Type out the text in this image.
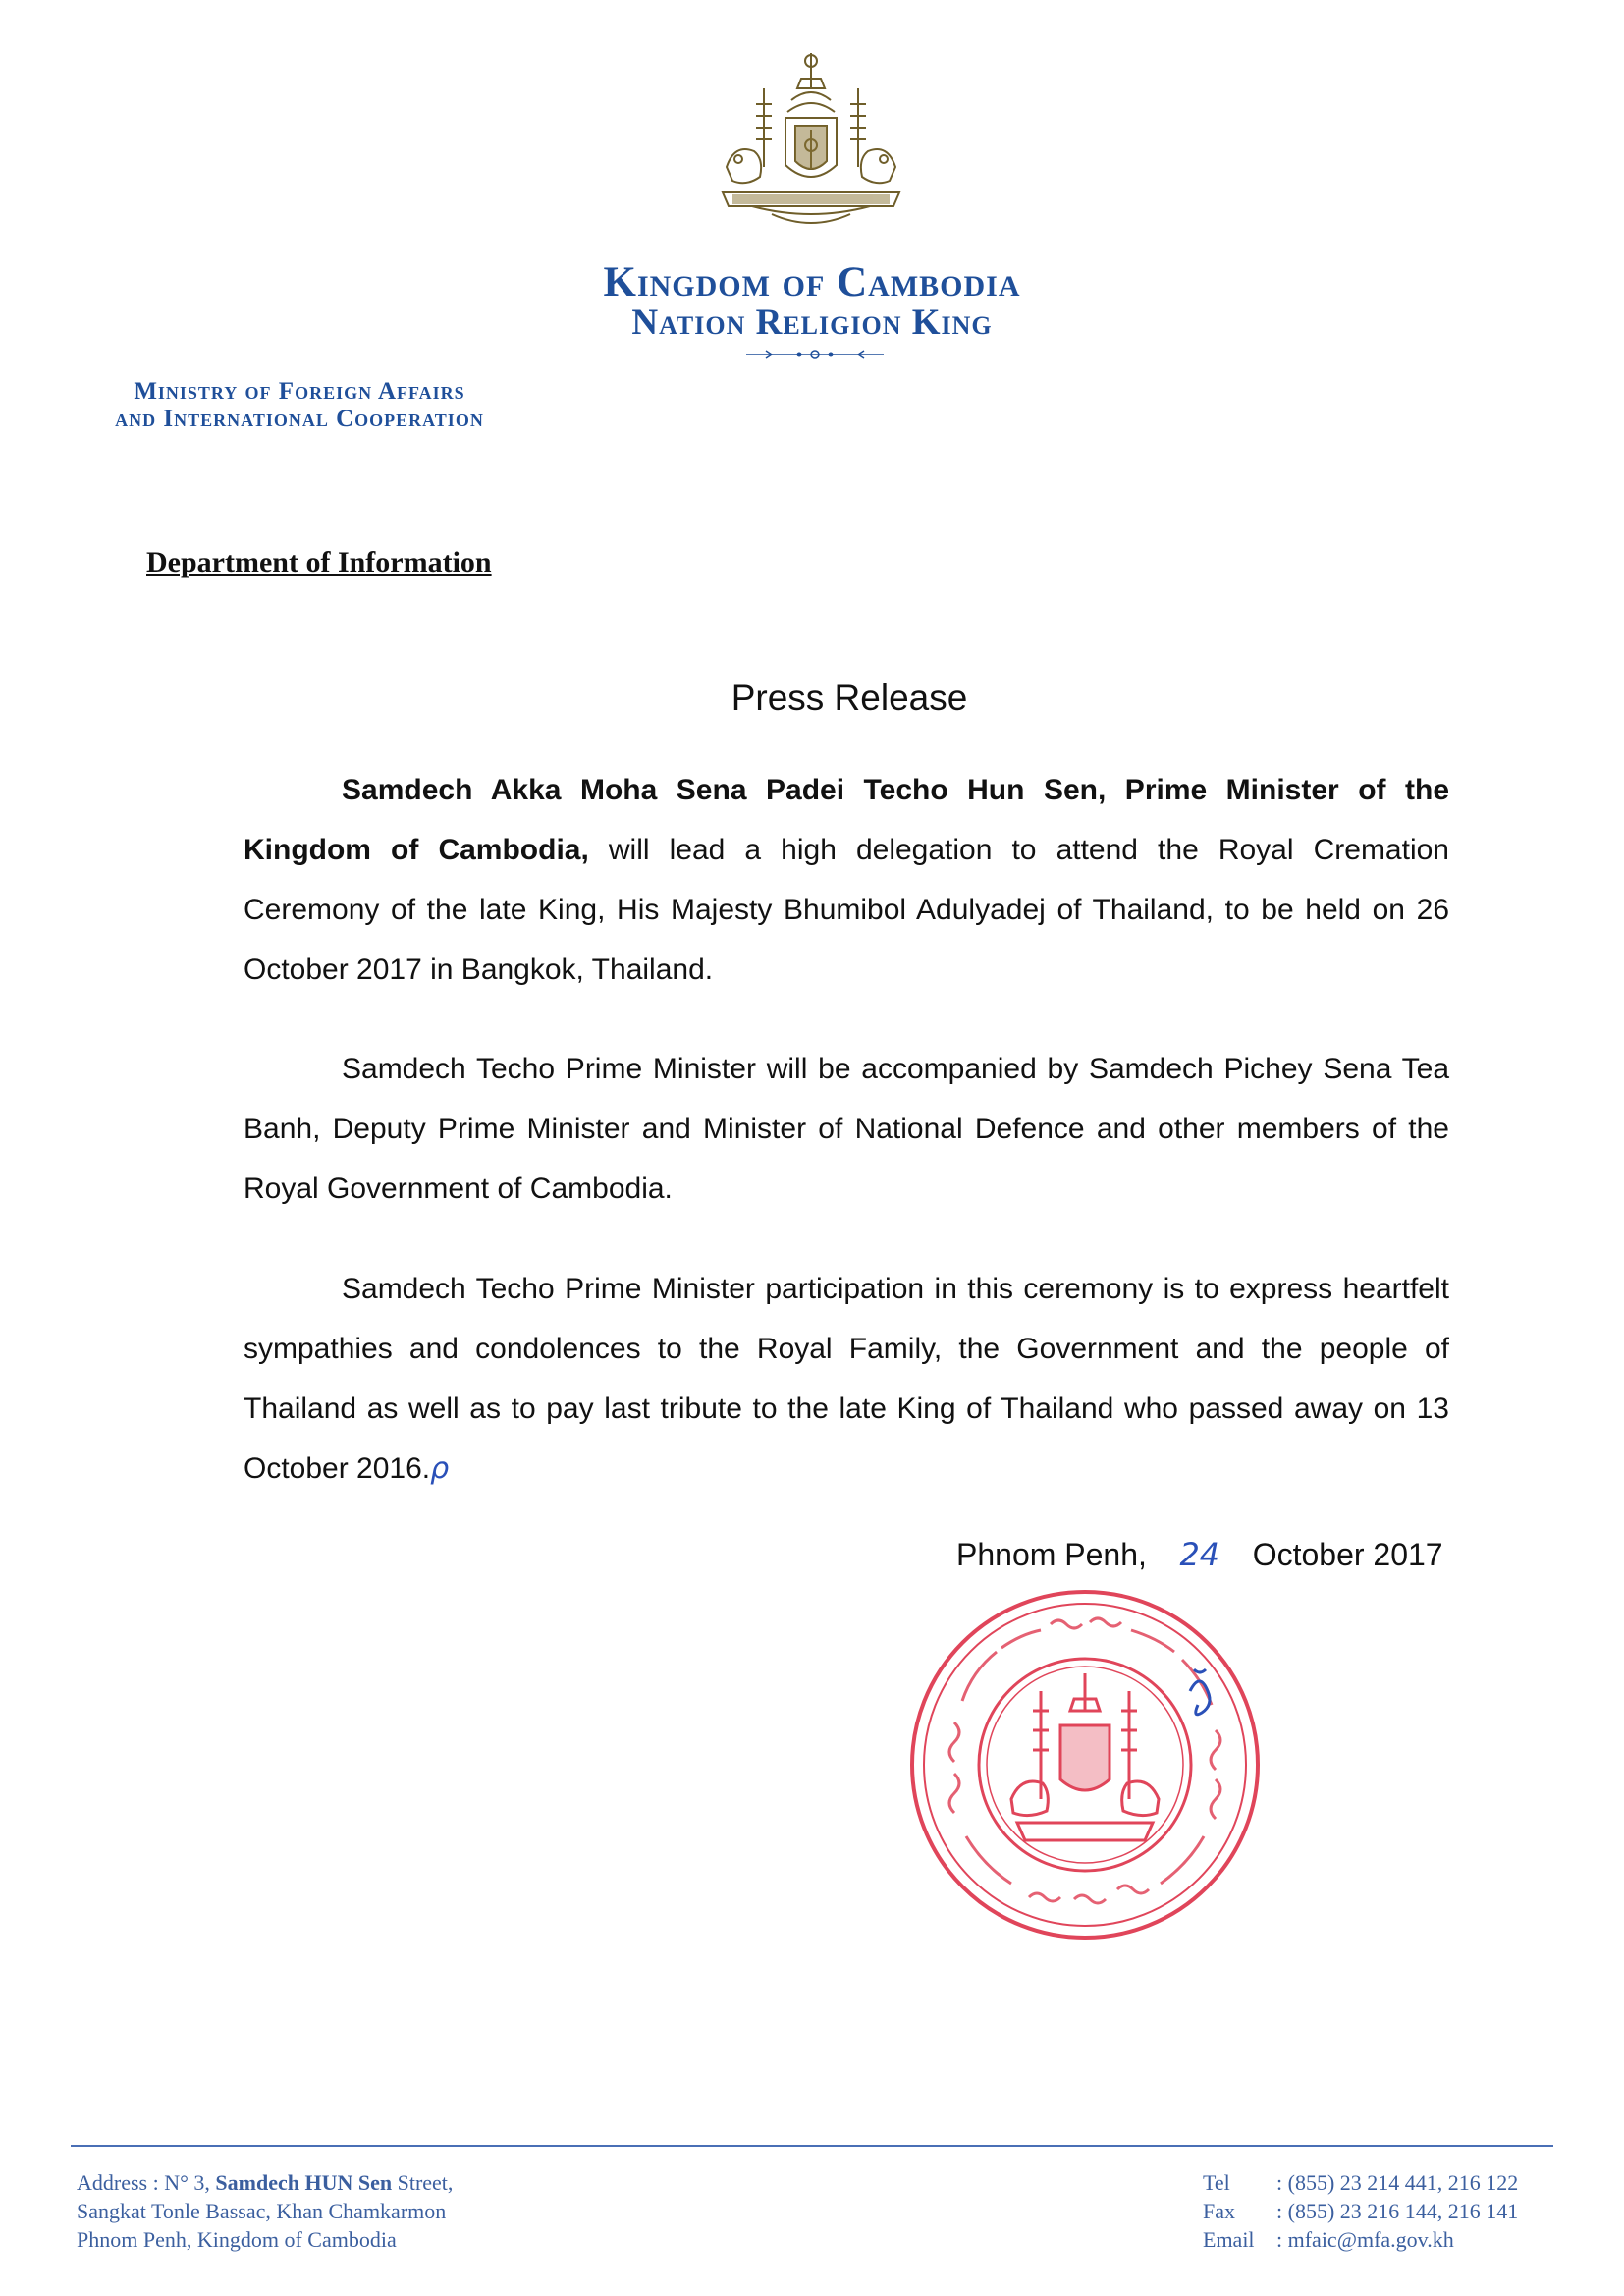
Kingdom of Cambodia
Nation Religion King
Ministry of Foreign Affairs
and International Cooperation
Department of Information
Press Release
Samdech Akka Moha Sena Padei Techo Hun Sen, Prime Minister of the Kingdom of Cambodia, will lead a high delegation to attend the Royal Cremation Ceremony of the late King, His Majesty Bhumibol Adulyadej of Thailand, to be held on 26 October 2017 in Bangkok, Thailand.
Samdech Techo Prime Minister will be accompanied by Samdech Pichey Sena Tea Banh, Deputy Prime Minister and Minister of National Defence and other members of the Royal Government of Cambodia.
Samdech Techo Prime Minister participation in this ceremony is to express heartfelt sympathies and condolences to the Royal Family, the Government and the people of Thailand as well as to pay last tribute to the late King of Thailand who passed away on 13 October 2016.ρ
Phnom Penh, 24 October 2017
Address : N° 3, Samdech HUN Sen Street,
Sangkat Tonle Bassac, Khan Chamkarmon
Phnom Penh, Kingdom of Cambodia
Tel : (855) 23 214 441, 216 122
Fax : (855) 23 216 144, 216 141
Email : mfaic@mfa.gov.kh
